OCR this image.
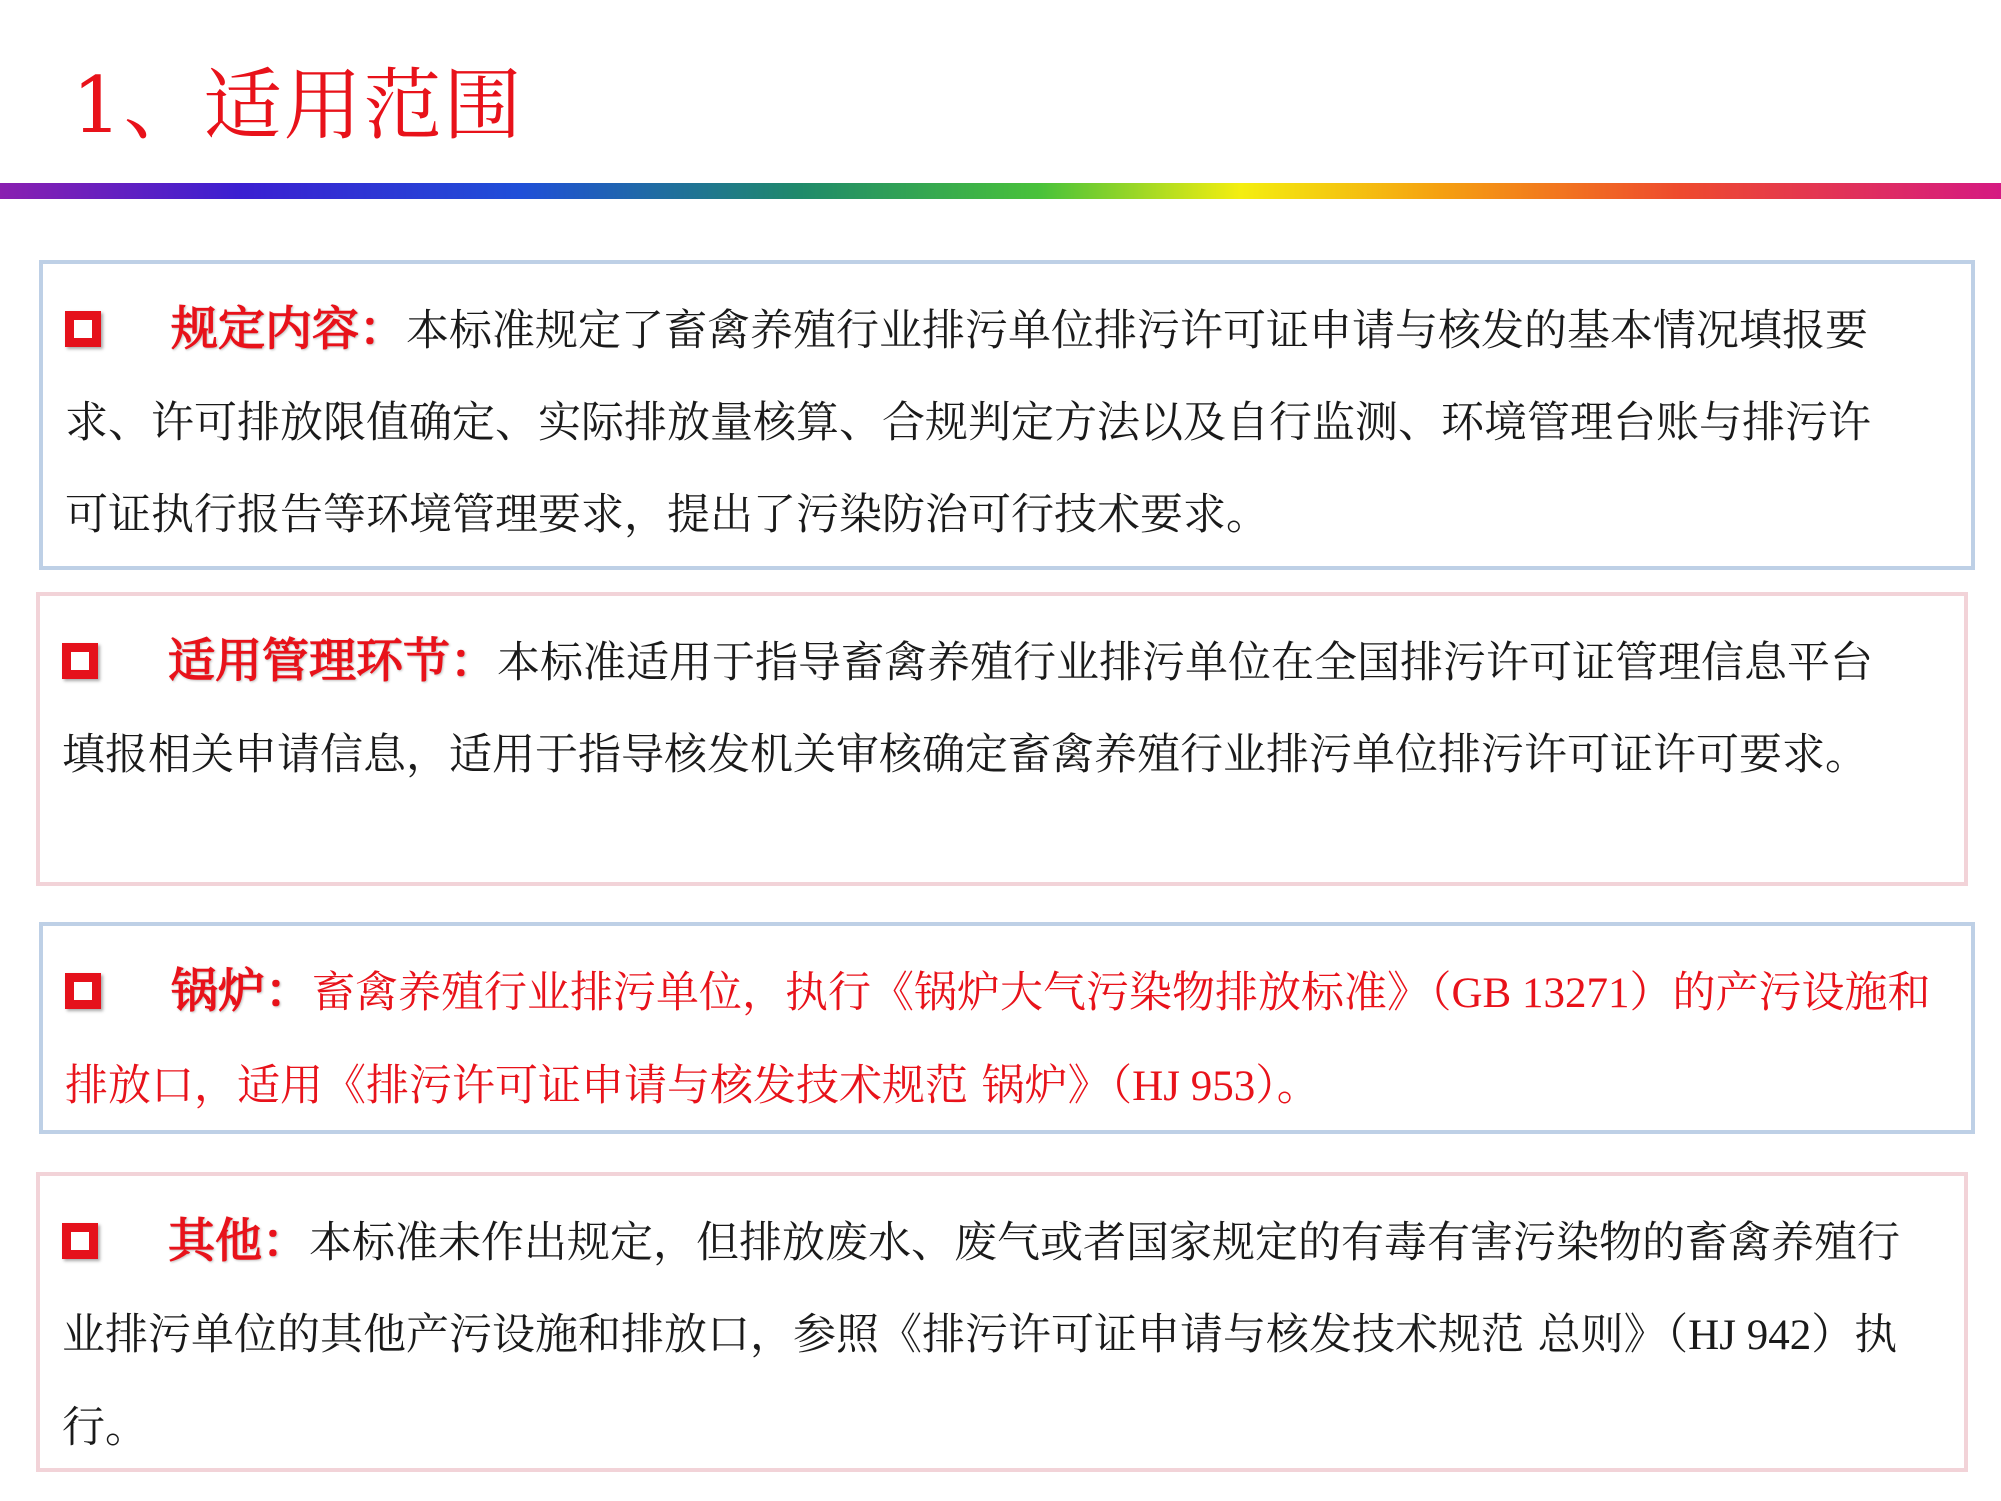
1、适用范围

规定内容：本标准规定了畜禽养殖行业排污单位排污许可证申请与核发的基本情况填报要求、许可排放限值确定、实际排放量核算、合规判定方法以及自行监测、环境管理台账与排污许可证执行报告等环境管理要求，提出了污染防治可行技术要求。

适用管理环节：本标准适用于指导畜禽养殖行业排污单位在全国排污许可证管理信息平台填报相关申请信息，适用于指导核发机关审核确定畜禽养殖行业排污单位排污许可证许可要求。

锅炉：畜禽养殖行业排污单位，执行《锅炉大气污染物排放标准》（GB 13271）的产污设施和排放口，适用《排污许可证申请与核发技术规范 锅炉》（HJ 953）。

其他：本标准未作出规定，但排放废水、废气或者国家规定的有毒有害污染物的畜禽养殖行业排污单位的其他产污设施和排放口，参照《排污许可证申请与核发技术规范 总则》（HJ 942）执行。
